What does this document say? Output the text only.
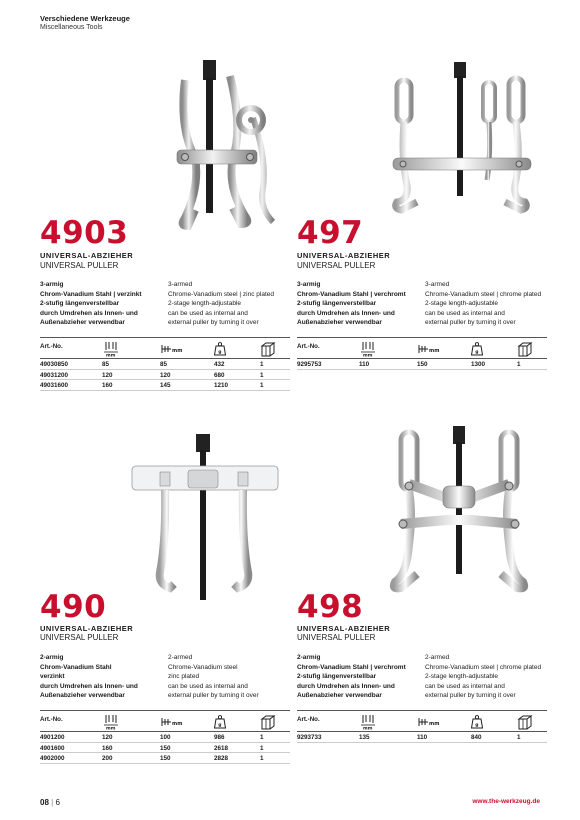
Verschiedene Werkzeuge
Miscellaneous Tools
4903
UNIVERSAL-ABZIEHER
UNIVERSAL PULLER
3-armig
Chrom-Vanadium Stahl | verzinkt
2-stufig längenverstellbar
durch Umdrehen als Innen- und
Außenabzieher verwendbar
3-armed
Chrome-Vanadium steel | zinc plated
2-stage length-adjustable
can be used as internal and
external puller by turning it over
Art.-No.
mm
mm	g
49030850	85	85	432	1
49031200	120	120	680	1
49031600	160	145	1210	1
497
UNIVERSAL-ABZIEHER
UNIVERSAL PULLER
3-armig
Chrom-Vanadium Stahl | verchromt
2-stufig längenverstellbar
durch Umdrehen als Innen- und
Außenabzieher verwendbar
3-armed
Chrome-Vanadium steel | chrome plated
2-stage length-adjustable
can be used as internal and
external puller by turning it over
Art.-No.
mm
mm	g
9295753	110	150	1300	1
490
UNIVERSAL-ABZIEHER
UNIVERSAL PULLER
2-armig
Chrom-Vanadium Stahl
verzinkt
durch Umdrehen als Innen- und
Außenabzieher verwendbar
2-armed
Chrome-Vanadium steel
zinc plated
can be used as internal and
external puller by turning it over
Art.-No.
mm
mm	g
4901200	120	100	986	1
4901600	160	150	2618	1
4902000	200	150	2828	1
498
UNIVERSAL-ABZIEHER
UNIVERSAL PULLER
2-armig
Chrom-Vanadium Stahl | verchromt
2-stufig längenverstellbar
durch Umdrehen als Innen- und
Außenabzieher verwendbar
2-armed
Chrome-Vanadium steel | chrome plated
2-stage length-adjustable
can be used as internal and
external puller by turning it over
Art.-No.
mm
mm	g
9293733	135	110	840	1
08 | 6	www.the-werkzeug.de
